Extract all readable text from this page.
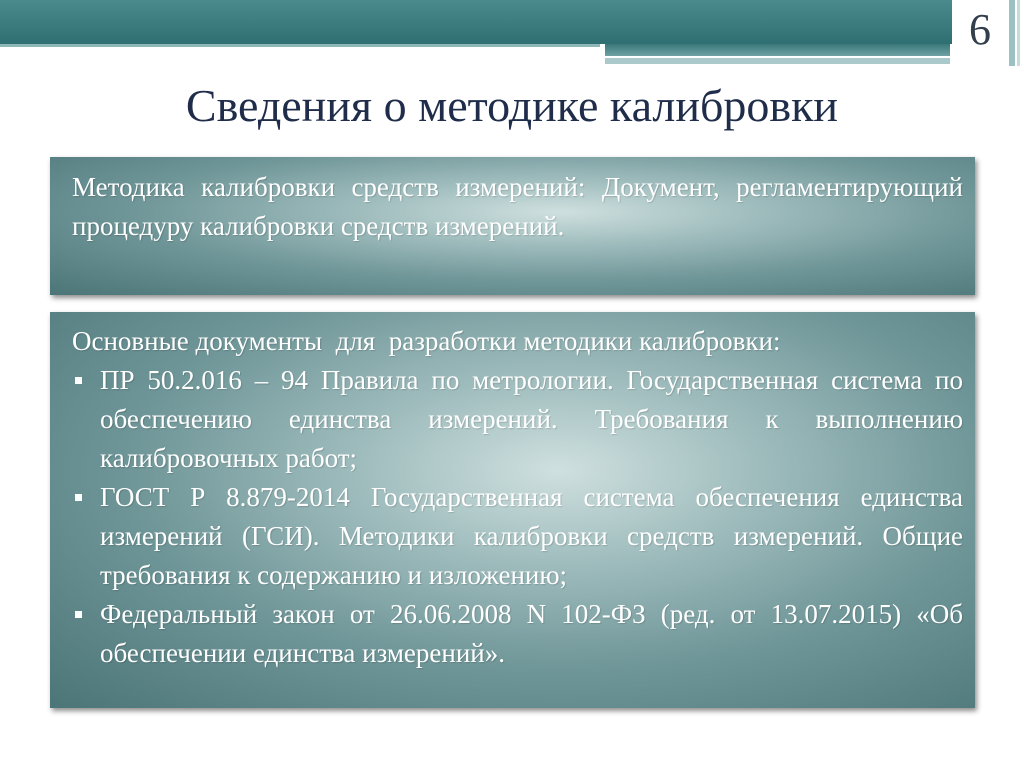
6
Сведения о методике калибровки
Методика калибровки средств измерений: Документ, регламентирующий процедуру калибровки средств измерений.
Основные документы  для  разработки методики калибровки:
ПР 50.2.016 – 94 Правила по метрологии. Государственная система по обеспечению единства измерений. Требования к выполнению калибровочных работ;
ГОСТ Р 8.879-2014 Государственная система обеспечения единства измерений (ГСИ). Методики калибровки средств измерений. Общие требования к содержанию и изложению;
Федеральный закон от 26.06.2008 N 102-ФЗ (ред. от 13.07.2015) «Об обеспечении единства измерений».
